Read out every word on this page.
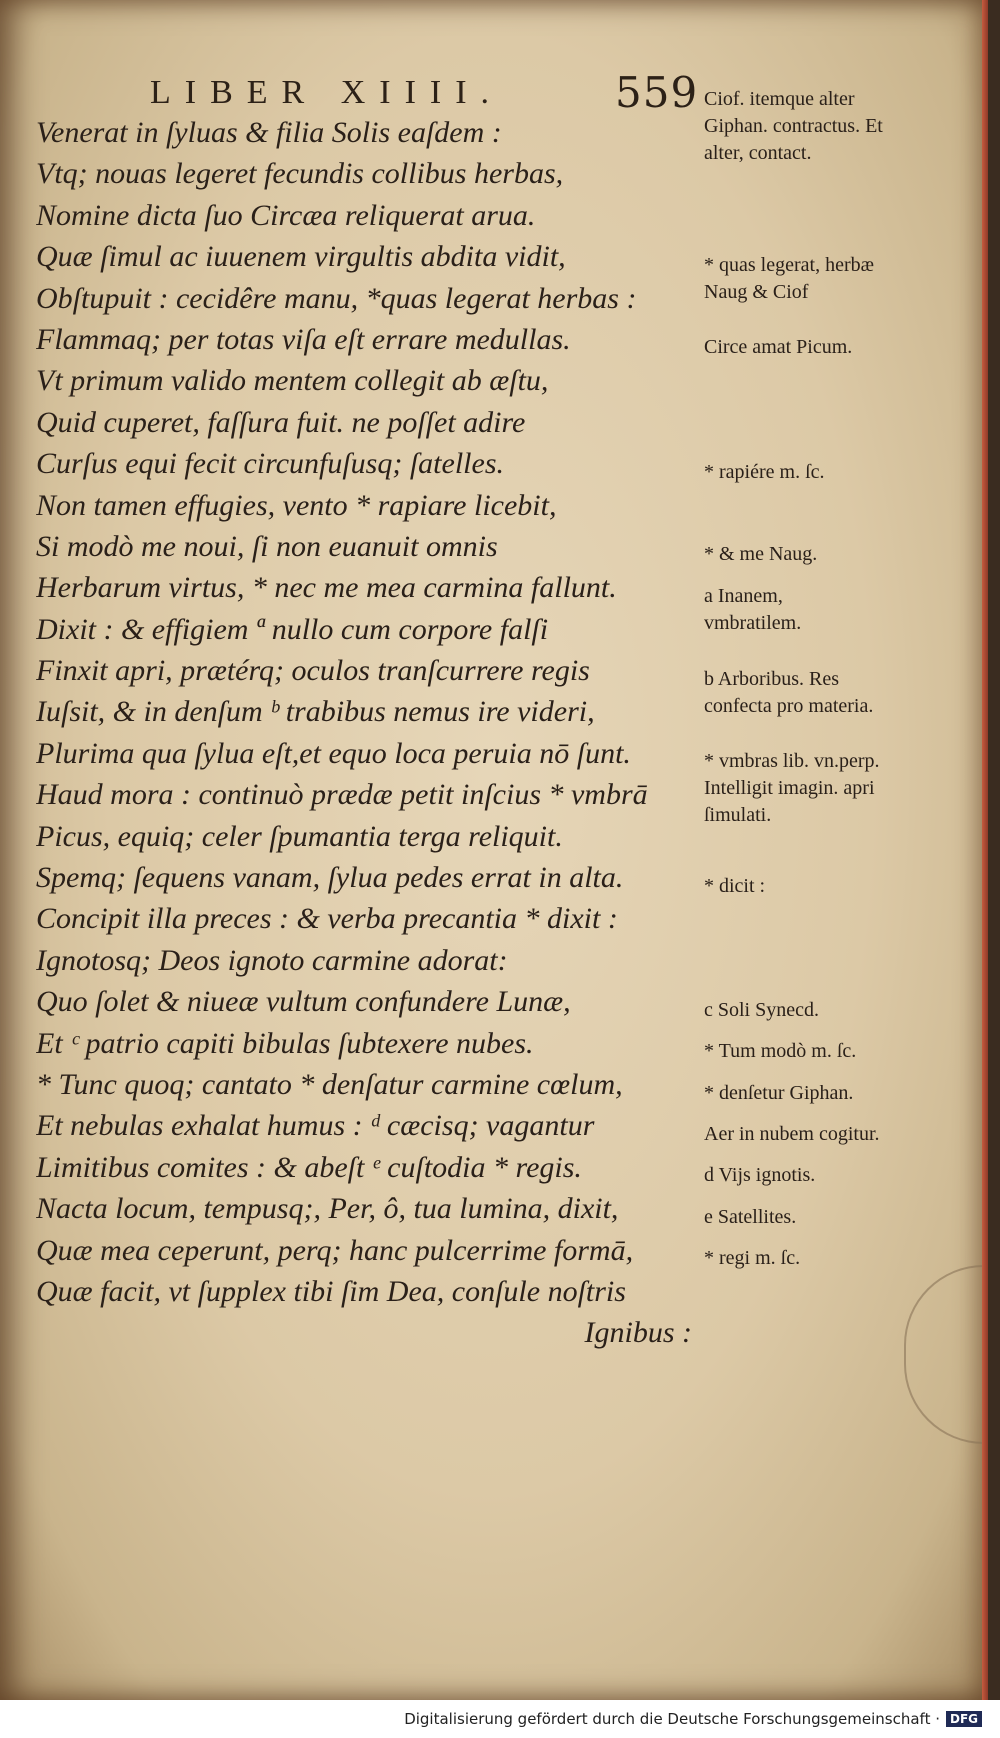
LIBER XIIII.	559
Venerat in ſyluas & filia Solis eaſdem :
Vtq; nouas legeret fecundis collibus herbas,
Nomine dicta ſuo Circæa reliquerat arua.
Quæ ſimul ac iuuenem virgultis abdita vidit,
Obſtupuit : cecidêre manu, *quas legerat herbas :
Flammaq; per totas viſa eſt errare medullas.
Vt primum valido mentem collegit ab æſtu,
Quid cuperet, faſſura fuit. ne poſſet adire
Curſus equi fecit circunfuſusq; ſatelles.
Non tamen effugies, vento * rapiare licebit,
Si modò me noui, ſi non euanuit omnis
Herbarum virtus, * nec me mea carmina fallunt.
Dixit : & effigiem ª nullo cum corpore falſi
Finxit apri, prætérq; oculos tranſcurrere regis
Iuſsit, & in denſum ᵇ trabibus nemus ire videri,
Plurima qua ſylua eſt,et equo loca peruia nō ſunt.
Haud mora : continuò prædæ petit inſcius * vmbrā
Picus, equiq; celer ſpumantia terga reliquit.
Spemq; ſequens vanam, ſylua pedes errat in alta.
Concipit illa preces : & verba precantia * dixit :
Ignotosq; Deos ignoto carmine adorat:
Quo ſolet & niueæ vultum confundere Lunæ,
Et ᶜ patrio capiti bibulas ſubtexere nubes.
* Tunc quoq; cantato * denſatur carmine cœlum,
Et nebulas exhalat humus : ᵈ cæcisq; vagantur
Limitibus comites : & abeſt ᵉ cuſtodia * regis.
Nacta locum, tempusq;, Per, ô, tua lumina, dixit,
Quæ mea ceperunt, perq; hanc pulcerrime formā,
Quæ facit, vt ſupplex tibi ſim Dea, conſule noſtris
Ignibus :
Ciof. itemque alter Giphan. contractus. Et alter, contact.
* quas legerat, herbæ Naug & Ciof
Circe amat Picum.
* rapiére m. ſc.
* & me Naug.
a Inanem, vmbratilem.
b Arboribus. Res confecta pro materia.
* vmbras lib. vn.perp. Intelligit imagin. apri ſimulati.
* dicit :
c Soli Synecd.
* Tum modò m. ſc.
* denſetur Giphan.
Aer in nubem cogitur.
d Vijs ignotis.
e Satellites.
* regi m. ſc.
Digitalisierung gefördert durch die Deutsche Forschungsgemeinschaft · DFG
